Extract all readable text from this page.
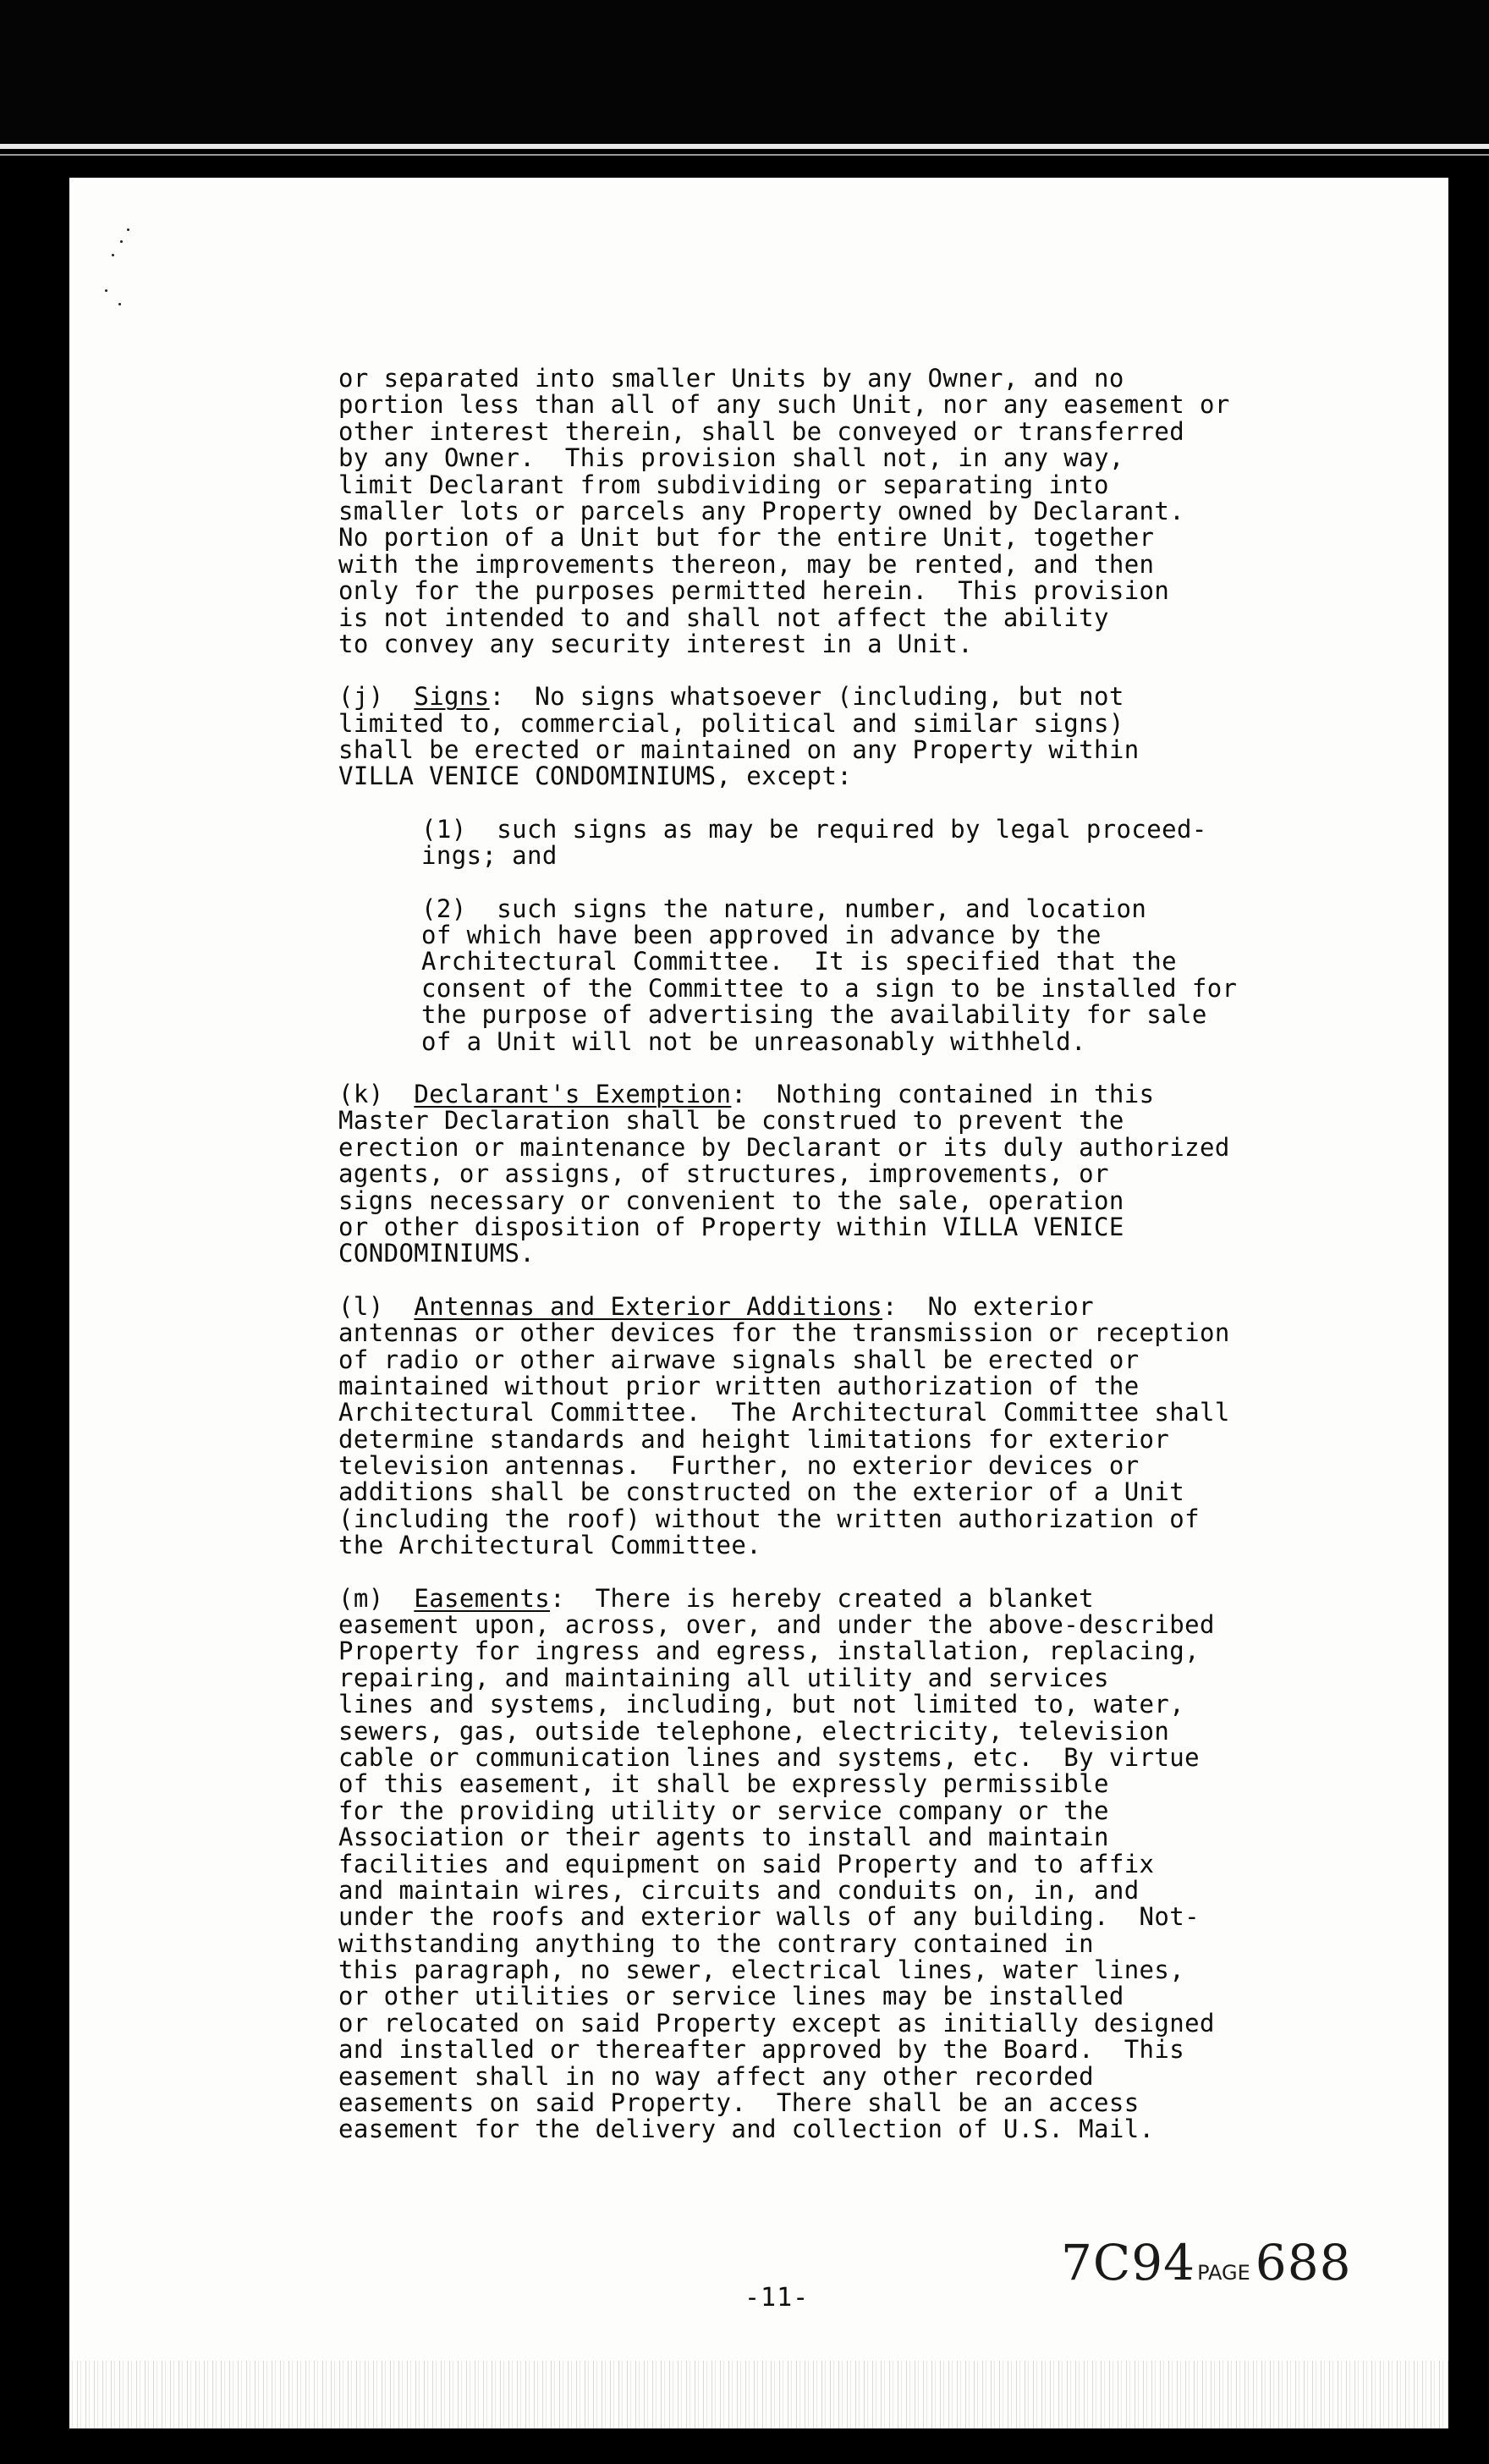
or separated into smaller Units by any Owner, and no
portion less than all of any such Unit, nor any easement or
other interest therein, shall be conveyed or transferred
by any Owner.  This provision shall not, in any way,
limit Declarant from subdividing or separating into
smaller lots or parcels any Property owned by Declarant.
No portion of a Unit but for the entire Unit, together
with the improvements thereon, may be rented, and then
only for the purposes permitted herein.  This provision
is not intended to and shall not affect the ability
to convey any security interest in a Unit.
(j) Signs:  No signs whatsoever (including, but not
limited to, commercial, political and similar signs)
shall be erected or maintained on any Property within
VILLA VENICE CONDOMINIUMS, except:
(1)  such signs as may be required by legal proceed-
ings; and
(2)  such signs the nature, number, and location
of which have been approved in advance by the
Architectural Committee.  It is specified that the
consent of the Committee to a sign to be installed for
the purpose of advertising the availability for sale
of a Unit will not be unreasonably withheld.
(k) Declarant's Exemption:  Nothing contained in this
Master Declaration shall be construed to prevent the
erection or maintenance by Declarant or its duly authorized
agents, or assigns, of structures, improvements, or
signs necessary or convenient to the sale, operation
or other disposition of Property within VILLA VENICE
CONDOMINIUMS.
(l) Antennas and Exterior Additions:  No exterior
antennas or other devices for the transmission or reception
of radio or other airwave signals shall be erected or
maintained without prior written authorization of the
Architectural Committee.  The Architectural Committee shall
determine standards and height limitations for exterior
television antennas.  Further, no exterior devices or
additions shall be constructed on the exterior of a Unit
(including the roof) without the written authorization of
the Architectural Committee.
(m) Easements:  There is hereby created a blanket
easement upon, across, over, and under the above-described
Property for ingress and egress, installation, replacing,
repairing, and maintaining all utility and services
lines and systems, including, but not limited to, water,
sewers, gas, outside telephone, electricity, television
cable or communication lines and systems, etc.  By virtue
of this easement, it shall be expressly permissible
for the providing utility or service company or the
Association or their agents to install and maintain
facilities and equipment on said Property and to affix
and maintain wires, circuits and conduits on, in, and
under the roofs and exterior walls of any building.  Not-
withstanding anything to the contrary contained in
this paragraph, no sewer, electrical lines, water lines,
or other utilities or service lines may be installed
or relocated on said Property except as initially designed
and installed or thereafter approved by the Board.  This
easement shall in no way affect any other recorded
easements on said Property.  There shall be an access
easement for the delivery and collection of U.S. Mail.
7C94PAGE 688
-11-
